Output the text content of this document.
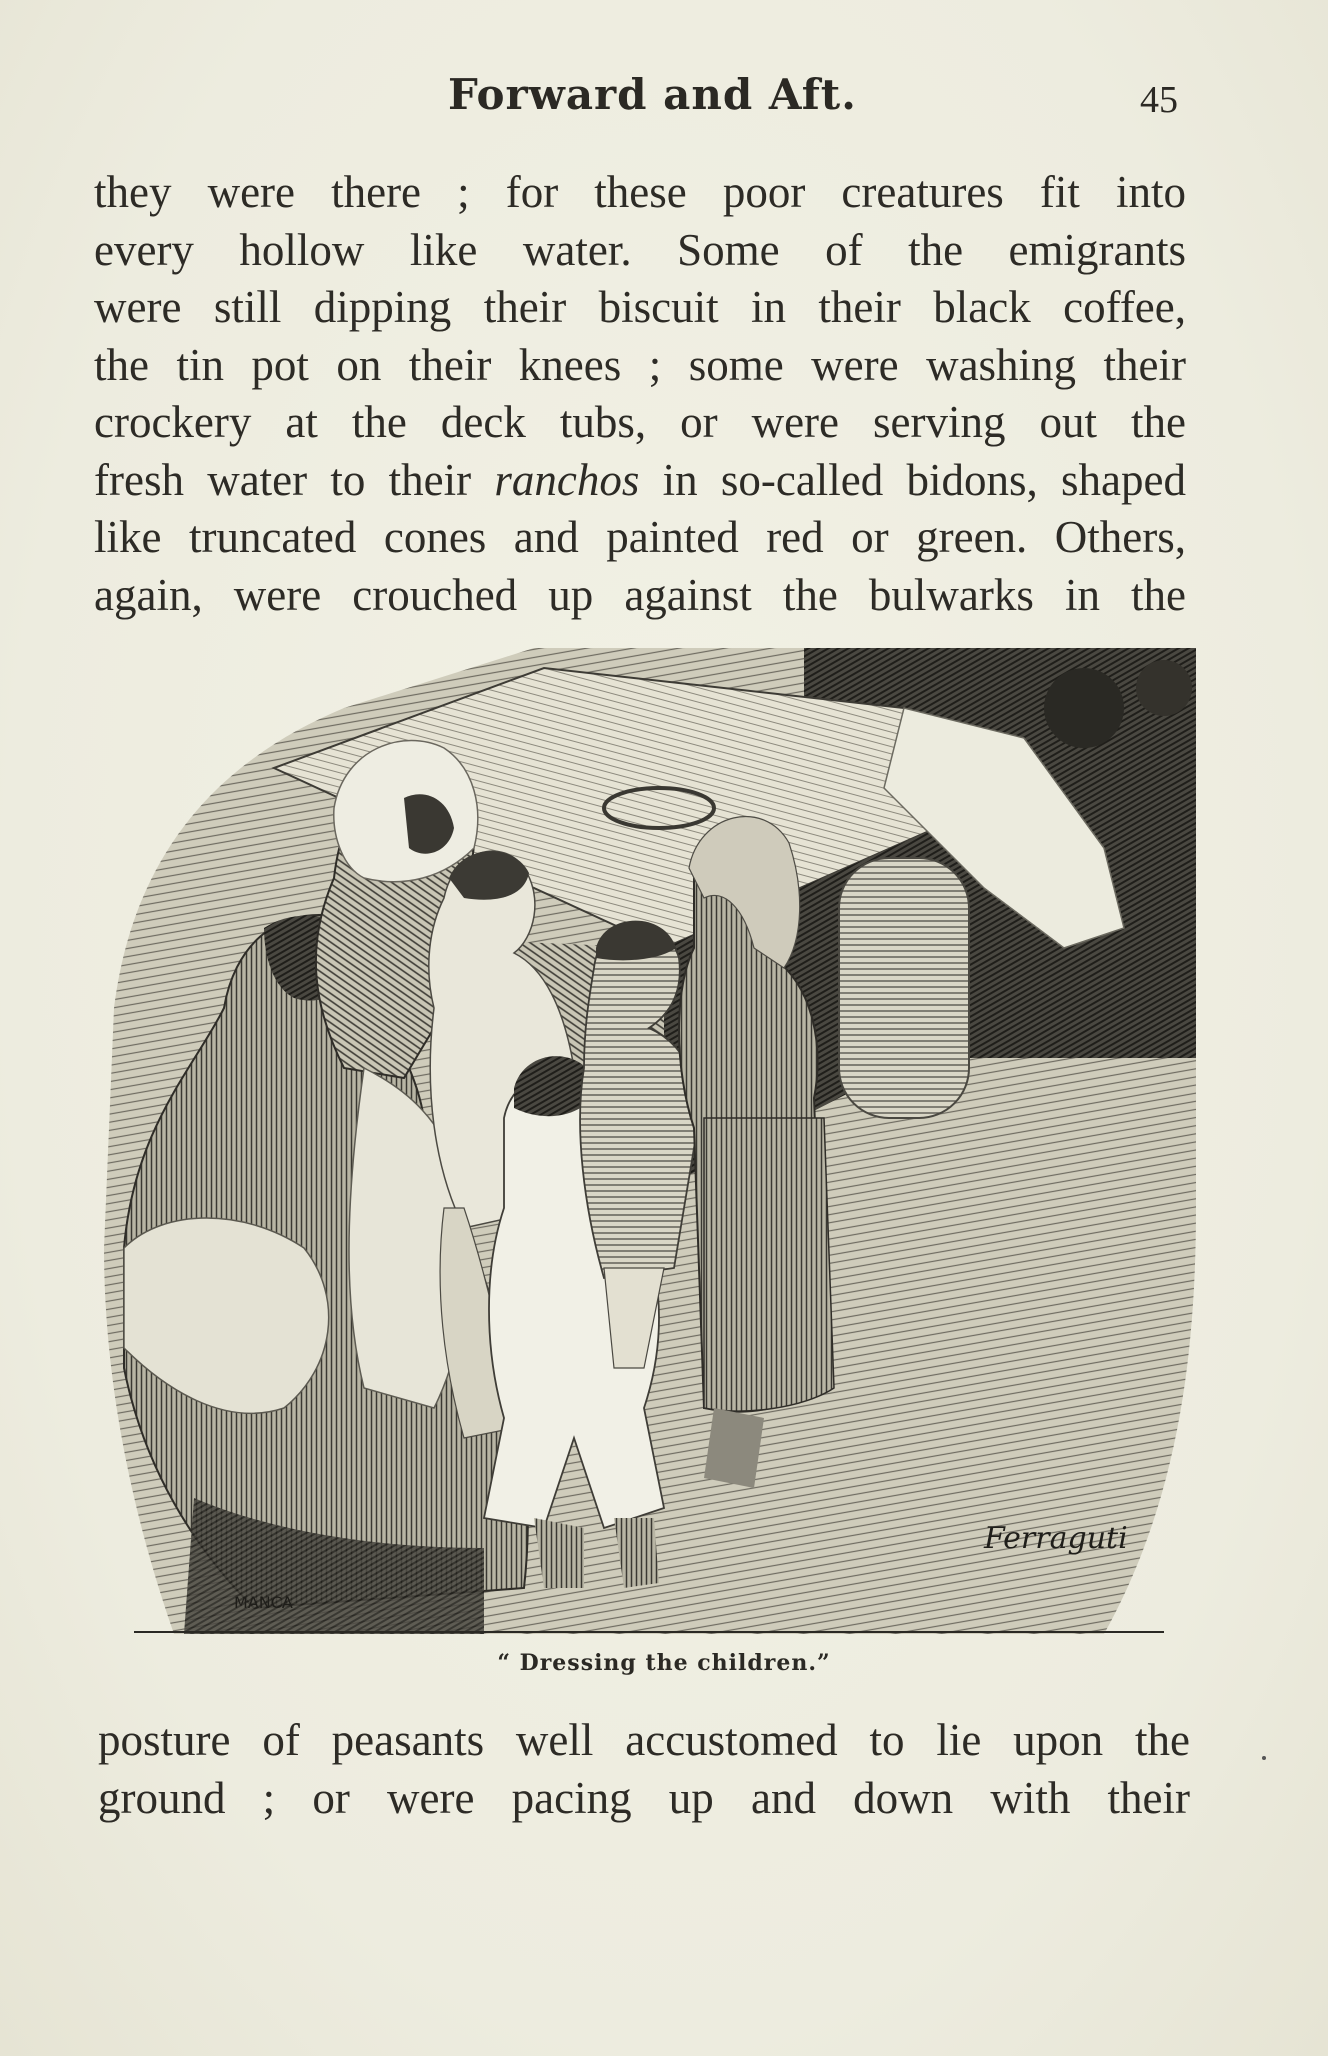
Forward and Aft.	45
they were there ; for these poor creatures fit into
every hollow like water. Some of the emigrants
were still dipping their biscuit in their black coffee,
the tin pot on their knees ; some were washing their
crockery at the deck tubs, or were serving out the
fresh water to their ranchos in so-called bidons, shaped
like truncated cones and painted red or green. Others,
again, were crouched up against the bulwarks in the
MANCA
Ferraguti
“ Dressing the children.”
posture of peasants well accustomed to lie upon the
ground ; or were pacing up and down with their
